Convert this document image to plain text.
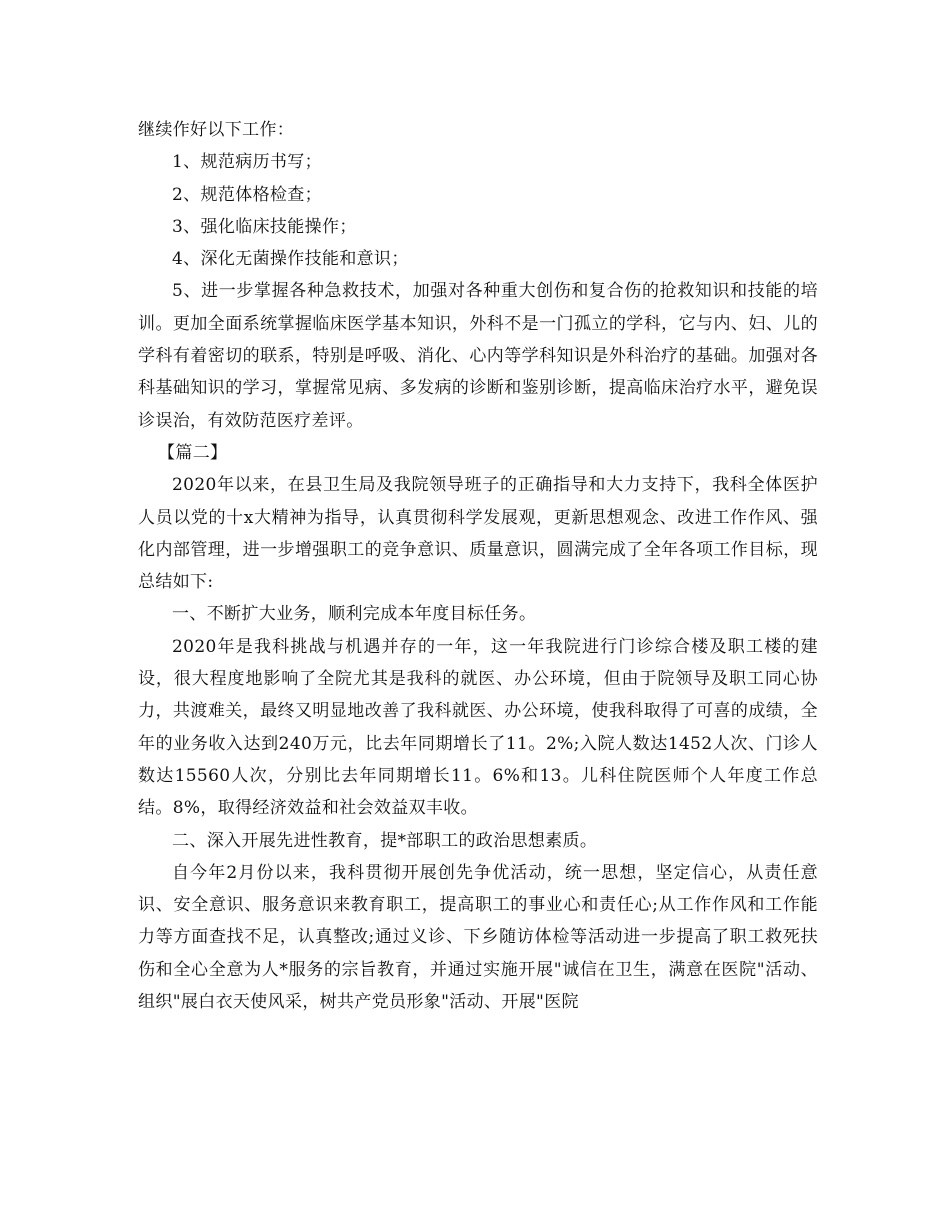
继续作好以下工作：

1、规范病历书写；

2、规范体格检查；

3、强化临床技能操作；

4、深化无菌操作技能和意识；

5、进一步掌握各种急救技术，加强对各种重大创伤和复合伤的抢救知识和技能的培训。更加全面系统掌握临床医学基本知识，外科不是一门孤立的学科，它与内、妇、儿的学科有着密切的联系，特别是呼吸、消化、心内等学科知识是外科治疗的基础。加强对各科基础知识的学习，掌握常见病、多发病的诊断和鉴别诊断，提高临床治疗水平，避免误诊误治，有效防范医疗差评。

【篇二】

2020年以来，在县卫生局及我院领导班子的正确指导和大力支持下，我科全体医护人员以党的十x大精神为指导，认真贯彻科学发展观，更新思想观念、改进工作作风、强化内部管理，进一步增强职工的竞争意识、质量意识，圆满完成了全年各项工作目标，现总结如下:

一、不断扩大业务，顺利完成本年度目标任务。

2020年是我科挑战与机遇并存的一年，这一年我院进行门诊综合楼及职工楼的建设，很大程度地影响了全院尤其是我科的就医、办公环境，但由于院领导及职工同心协力，共渡难关，最终又明显地改善了我科就医、办公环境，使我科取得了可喜的成绩，全年的业务收入达到240万元，比去年同期增长了11。2%;入院人数达1452人次、门诊人数达15560人次，分别比去年同期增长11。6%和13。儿科住院医师个人年度工作总结。8%，取得经济效益和社会效益双丰收。

二、深入开展先进性教育，提*部职工的政治思想素质。

自今年2月份以来，我科贯彻开展创先争优活动，统一思想，坚定信心，从责任意识、安全意识、服务意识来教育职工，提高职工的事业心和责任心;从工作作风和工作能力等方面查找不足，认真整改;通过义诊、下乡随访体检等活动进一步提高了职工救死扶伤和全心全意为人*服务的宗旨教育，并通过实施开展"诚信在卫生，满意在医院"活动、组织"展白衣天使风采，树共产党员形象"活动、开展"医院
